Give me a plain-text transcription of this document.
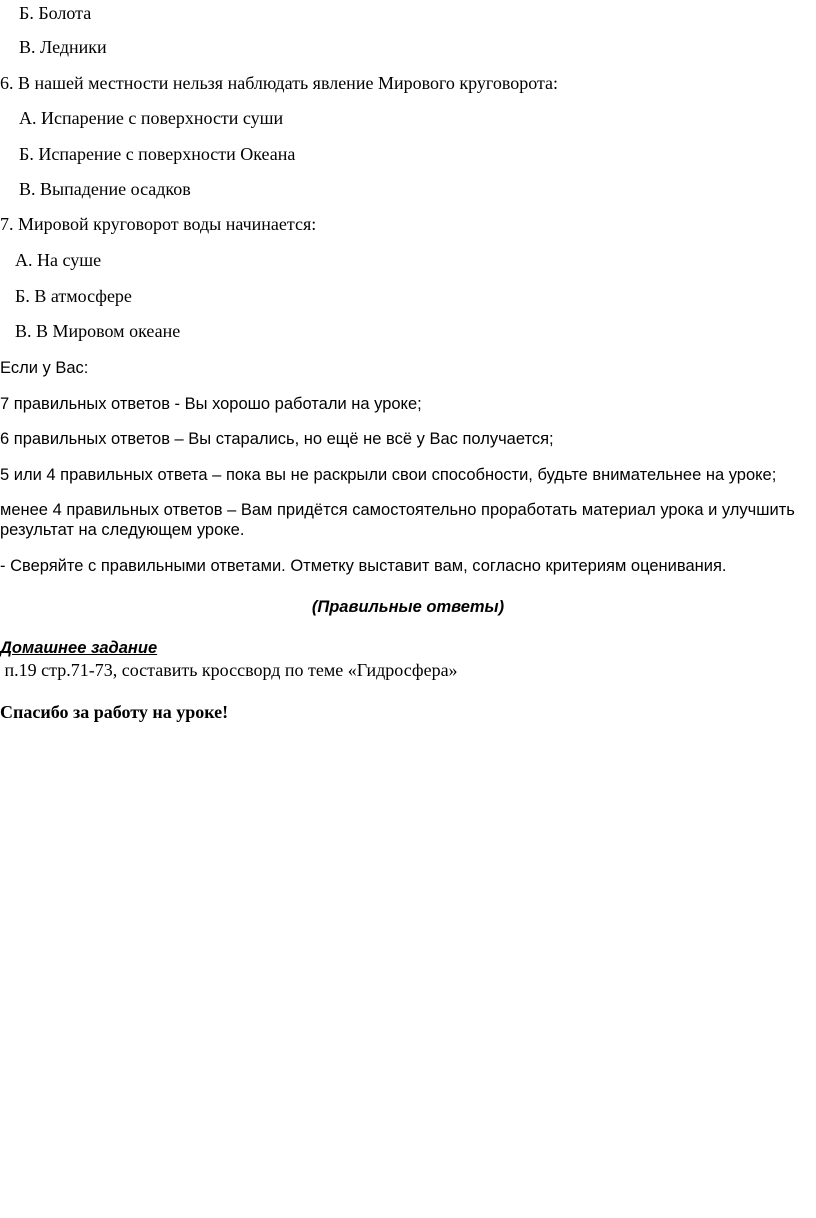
Б. Болота
В. Ледники
6. В нашей местности нельзя наблюдать явление Мирового круговорота:
А. Испарение с поверхности суши
Б. Испарение с поверхности Океана
В. Выпадение осадков
7. Мировой круговорот воды начинается:
А. На суше
Б. В атмосфере
В. В Мировом океане
Если у Вас:
7 правильных ответов - Вы хорошо работали на уроке;
6 правильных ответов – Вы старались, но ещё не всё у Вас получается;
5 или 4 правильных ответа – пока вы не раскрыли свои способности, будьте внимательнее на уроке;
менее 4 правильных ответов – Вам придётся самостоятельно проработать материал урока и улучшить
результат на следующем уроке.
- Сверяйте с правильными ответами. Отметку выставит вам, согласно критериям оценивания.
(Правильные ответы)
Домашнее задание
п.19 стр.71-73, составить кроссворд по теме «Гидросфера»
Спасибо за работу на уроке!
